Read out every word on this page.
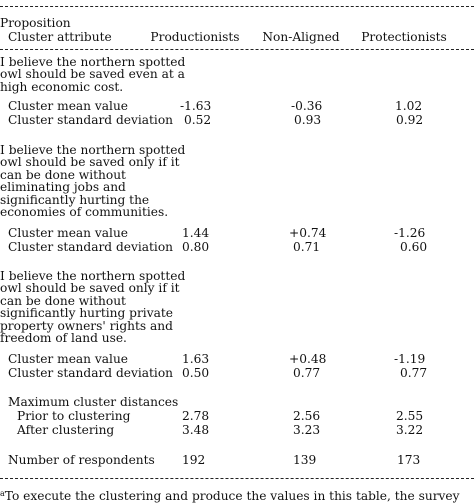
Proposition
Cluster attribute	Productionists Non-Aligned Protectionists
I believe the northern spotted
owl should be saved even at a
high economic cost.
Cluster mean value	-1.63	-0.36	1.02
Cluster standard deviation 0.52	0.93	0.92
I believe the northern spotted
owl should be saved only if it
can be done without
eliminating jobs and
significantly hurting the
economies of communities.
Cluster mean value	1.44	+0.74	-1.26
Cluster standard deviation 0.80	0.71	0.60
I believe the northern spotted
owl should be saved only if it
can be done without
significantly hurting private
property owners' rights and
freedom of land use.
Cluster mean value	1.63	+0.48	-1.19
Cluster standard deviation 0.50	0.77	0.77
Maximum cluster distances
Prior to clustering	2.78	2.56	2.55
After clustering	3.48	3.23	3.22
Number of respondents 192	139	173
$^a$To execute the clustering and produce the values in this table, the survey
